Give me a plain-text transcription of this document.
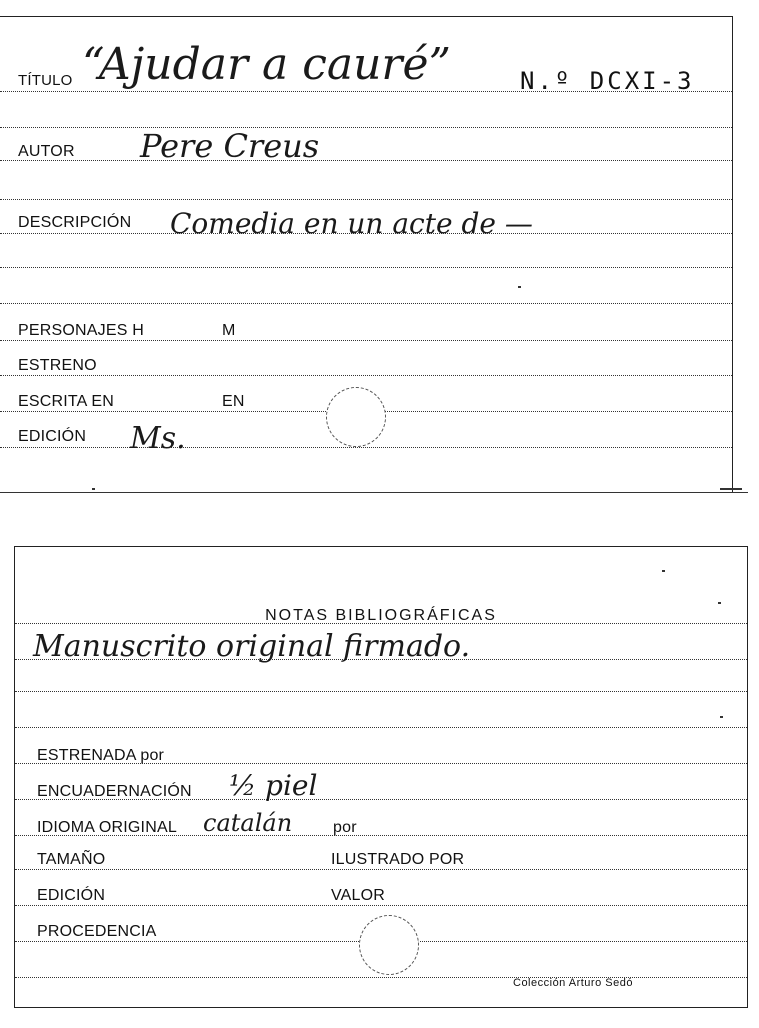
TÍTULO “Ajudar a cauré”	N.º DCXI-3
AUTOR Pere Creus
DESCRIPCIÓN Comedia en un acte de —
PERSONAJES H	M
ESTRENO
ESCRITA EN	EN
EDICIÓN Ms.
NOTAS BIBLIOGRÁFICAS
Manuscrito original firmado.
ESTRENADA por
ENCUADERNACIÓN ½ piel
IDIOMA ORIGINAL catalán	por
TAMAÑO	ILUSTRADO POR
EDICIÓN	VALOR
PROCEDENCIA
Colección Arturo Sedó
